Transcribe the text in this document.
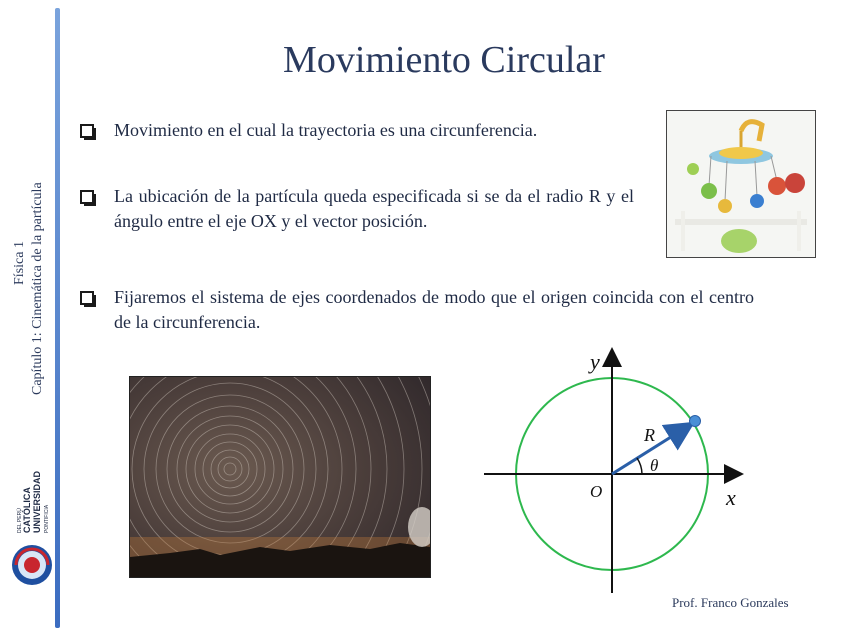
Física 1 Capítulo 1: Cinemática de la partícula
PONTIFICIA
UNIVERSIDAD
CATÓLICA
DEL PERÚ
Movimiento Circular
Movimiento en el cual la trayectoria es una circunferencia.
La ubicación de la partícula queda especificada si se da el radio R y el ángulo entre el eje OX y el vector posición.
Fijaremos el sistema de ejes coordenados de modo que el origen coincida con el centro de la circunferencia.
y
x
O
R
θ
Prof. Franco Gonzales
